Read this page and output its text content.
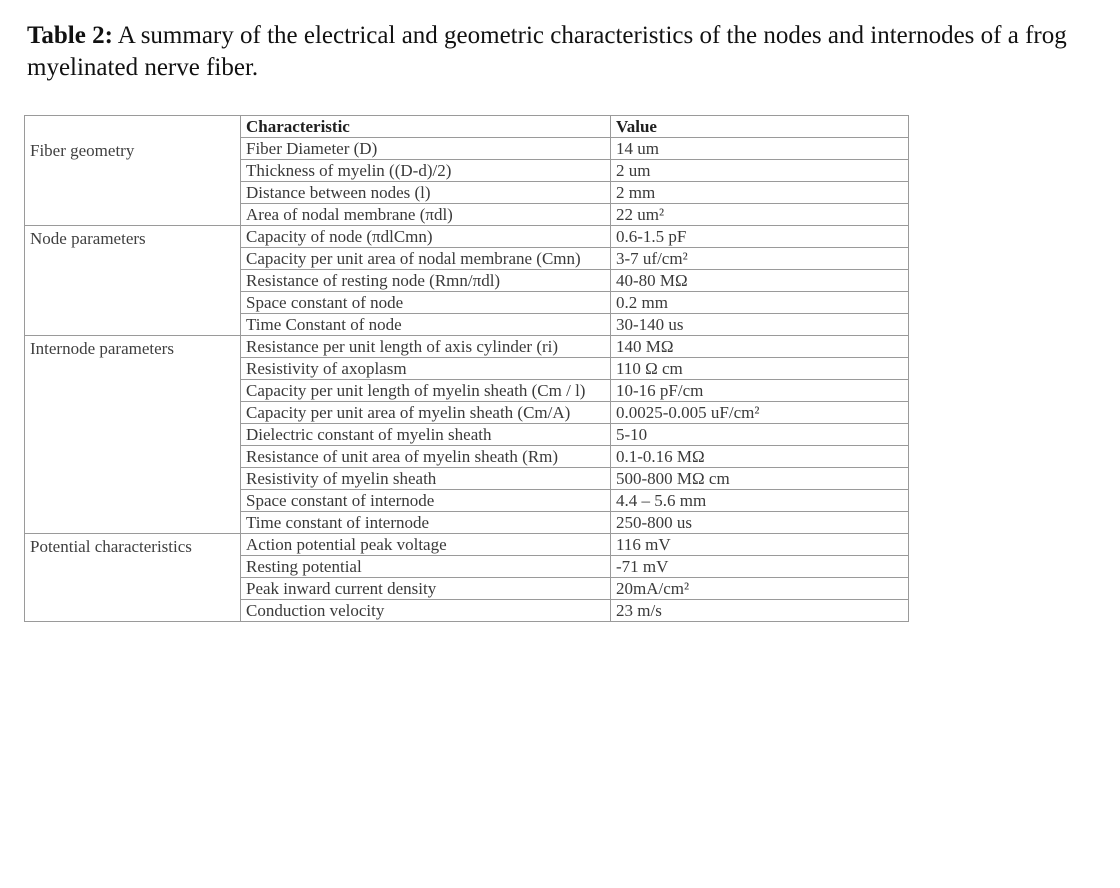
Table 2: A summary of the electrical and geometric characteristics of the nodes and internodes of a frog myelinated nerve fiber.
	Characteristic	Value
Fiber geometry	Fiber Diameter (D)	14 um
	Thickness of myelin ((D-d)/2)	2 um
	Distance between nodes (l)	2 mm
	Area of nodal membrane (πdl)	22 um²
Node parameters	Capacity of node (πdlCmn)	0.6-1.5 pF
	Capacity per unit area of nodal membrane (Cmn)	3-7 uf/cm²
	Resistance of resting node (Rmn/πdl)	40-80 MΩ
	Space constant of node	0.2 mm
	Time Constant of node	30-140 us
Internode parameters	Resistance per unit length of axis cylinder (ri)	140 MΩ
	Resistivity of axoplasm	110 Ω cm
	Capacity per unit length of myelin sheath (Cm / l)	10-16 pF/cm
	Capacity per unit area of myelin sheath (Cm/A)	0.0025-0.005 uF/cm²
	Dielectric constant of myelin sheath	5-10
	Resistance of unit area of myelin sheath (Rm)	0.1-0.16 MΩ
	Resistivity of myelin sheath	500-800 MΩ cm
	Space constant of internode	4.4 – 5.6 mm
	Time constant of internode	250-800 us
Potential characteristics	Action potential peak voltage	116 mV
	Resting potential	-71 mV
	Peak inward current density	20mA/cm²
	Conduction velocity	23 m/s
